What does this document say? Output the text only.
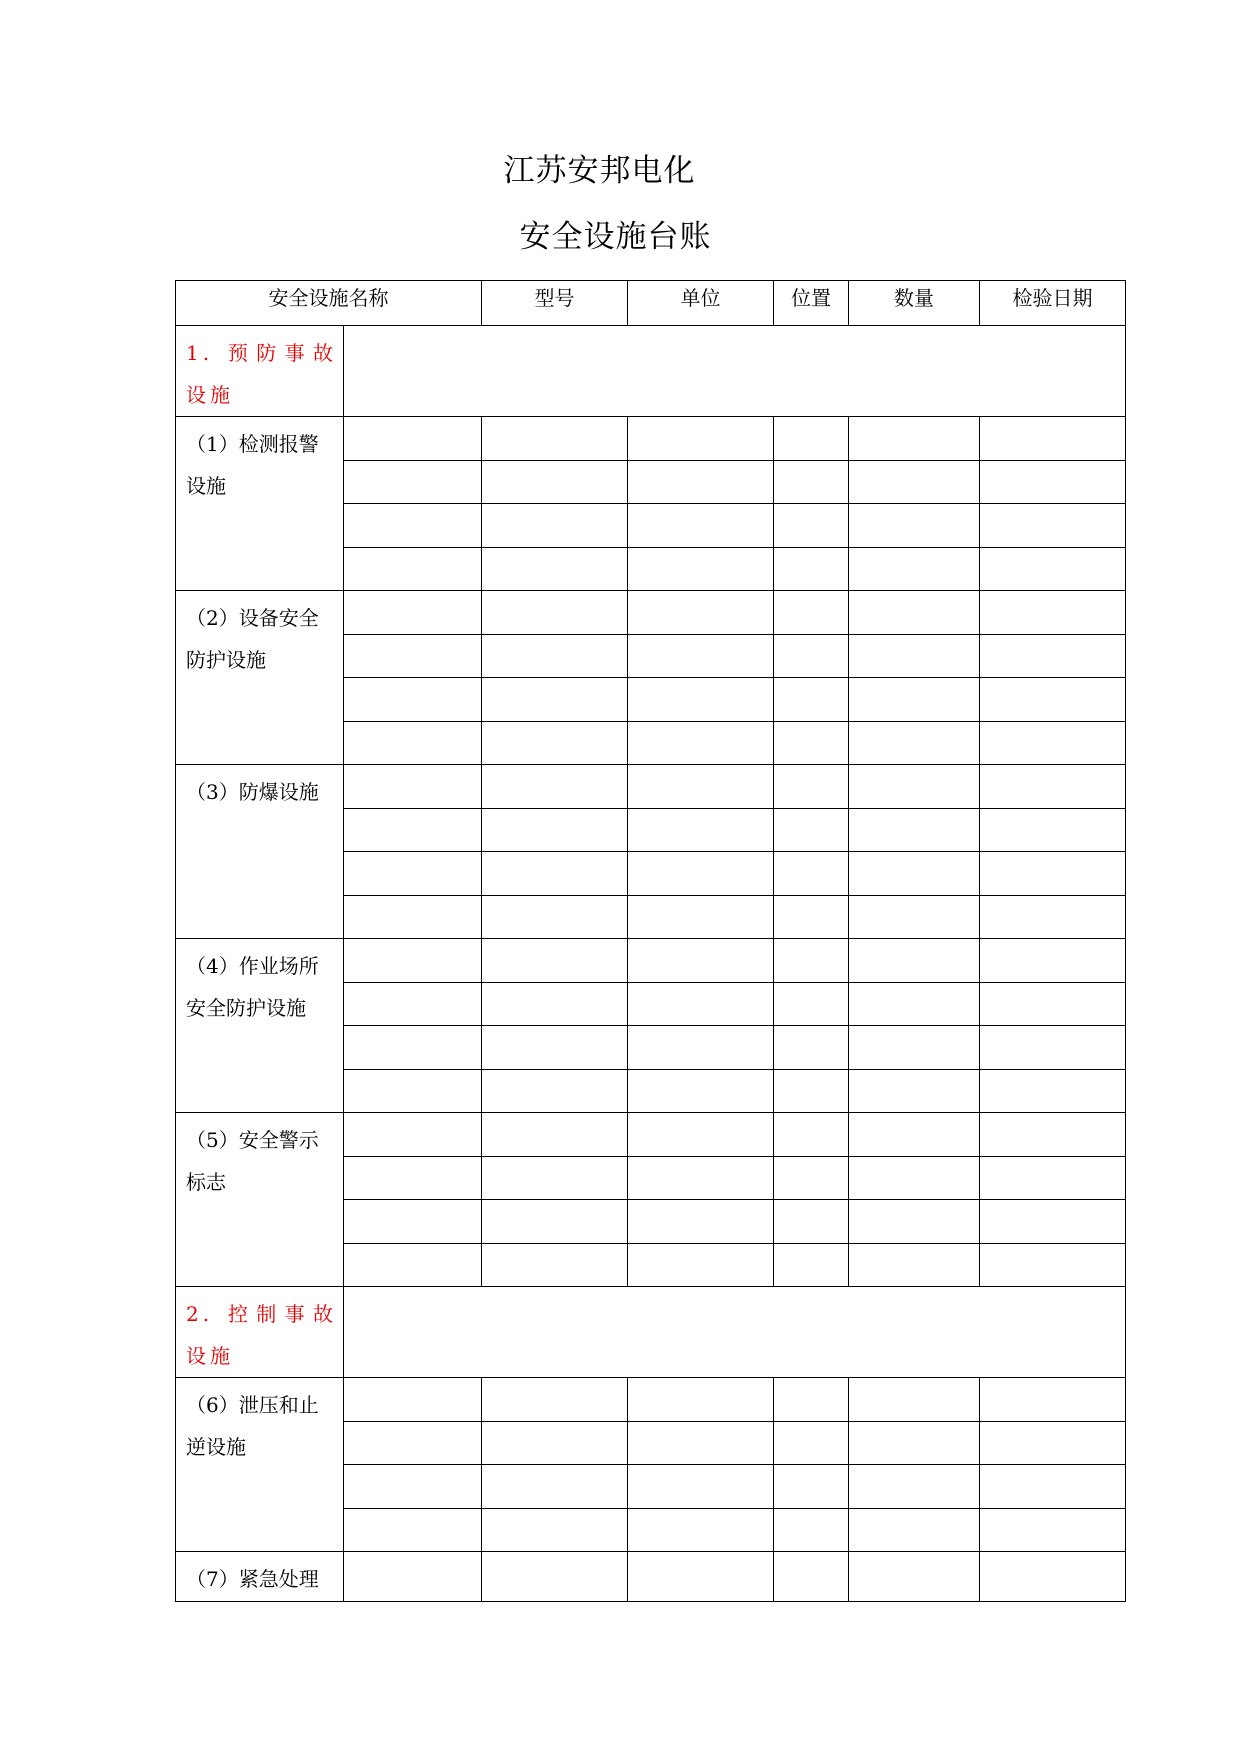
江苏安邦电化
安全设施台账
安全设施名称		型号	单位	位置	数量	检验日期
1. 预防事故设施						
（1）检测报警设施						

（2）设备安全防护设施						

（3）防爆设施						

（4）作业场所安全防护设施						

（5）安全警示标志						

2. 控制事故设施						
（6）泄压和止逆设施						

（7）紧急处理						
